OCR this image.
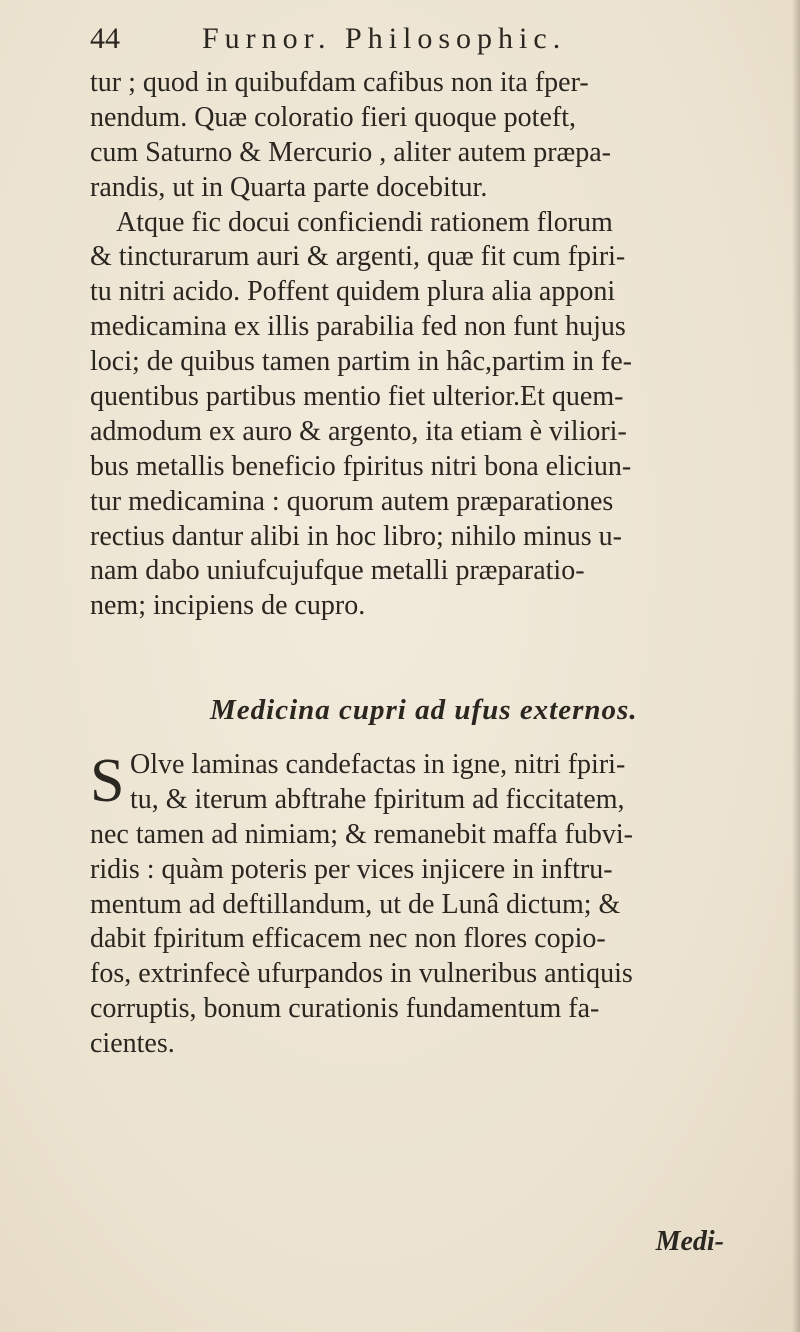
44	Furnor. Philosophic.
tur ; quod in quibufdam cafibus non ita fper-
nendum. Quæ coloratio fieri quoque poteft,
cum Saturno & Mercurio , aliter autem præpa-
randis, ut in Quarta parte docebitur.
Atque fic docui conficiendi rationem florum
& tincturarum auri & argenti, quæ fit cum fpiri-
tu nitri acido. Poffent quidem plura alia apponi
medicamina ex illis parabilia fed non funt hujus
loci; de quibus tamen partim in hâc,partim in fe-
quentibus partibus mentio fiet ulterior.Et quem-
admodum ex auro & argento, ita etiam è viliori-
bus metallis beneficio fpiritus nitri bona eliciun-
tur medicamina : quorum autem præparationes
rectius dantur alibi in hoc libro; nihilo minus u-
nam dabo uniufcujufque metalli præparatio-
nem; incipiens de cupro.
Medicina cupri ad ufus externos.
S Olve laminas candefactas in igne, nitri fpiri-
tu, & iterum abftrahe fpiritum ad ficcitatem,
nec tamen ad nimiam; & remanebit maffa fubvi-
ridis : quàm poteris per vices injicere in inftru-
mentum ad deftillandum, ut de Lunâ dictum; &
dabit fpiritum efficacem nec non flores copio-
fos, extrinfecè ufurpandos in vulneribus antiquis
corruptis, bonum curationis fundamentum fa-
cientes.
Medi-
